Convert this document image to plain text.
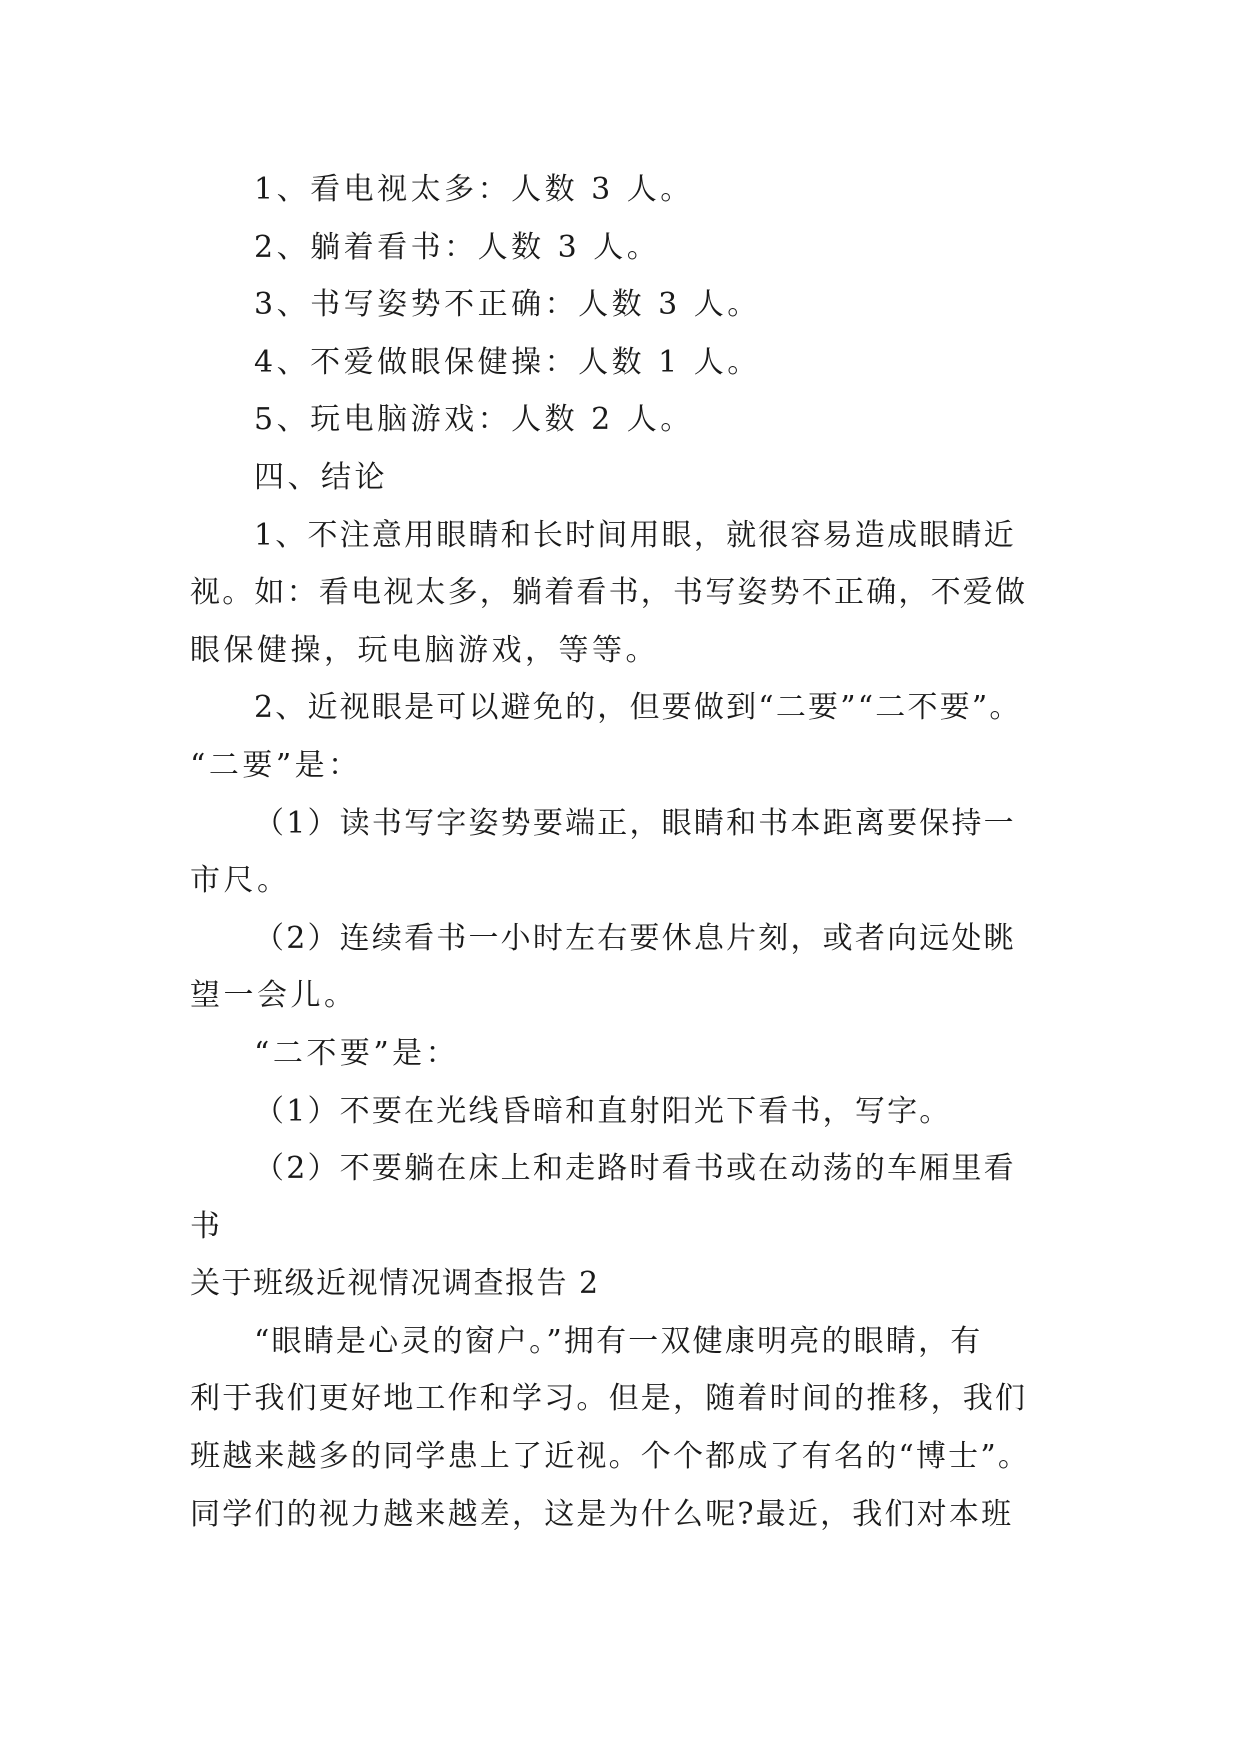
1、看电视太多：人数 3 人。
2、躺着看书：人数 3 人。
3、书写姿势不正确：人数 3 人。
4、不爱做眼保健操：人数 1 人。
5、玩电脑游戏：人数 2 人。
四、结论
1、不注意用眼睛和长时间用眼，就很容易造成眼睛近
视。如：看电视太多，躺着看书，书写姿势不正确，不爱做
眼保健操，玩电脑游戏，等等。
2、近视眼是可以避免的，但要做到“二要”“二不要”。
“二要”是：
（1）读书写字姿势要端正，眼睛和书本距离要保持一
市尺。
（2）连续看书一小时左右要休息片刻，或者向远处眺
望一会儿。
“二不要”是：
（1）不要在光线昏暗和直射阳光下看书，写字。
（2）不要躺在床上和走路时看书或在动荡的车厢里看
书
关于班级近视情况调查报告 2
“眼睛是心灵的窗户。”拥有一双健康明亮的眼睛，有
利于我们更好地工作和学习。但是，随着时间的推移，我们
班越来越多的同学患上了近视。个个都成了有名的“博士”。
同学们的视力越来越差，这是为什么呢?最近，我们对本班
